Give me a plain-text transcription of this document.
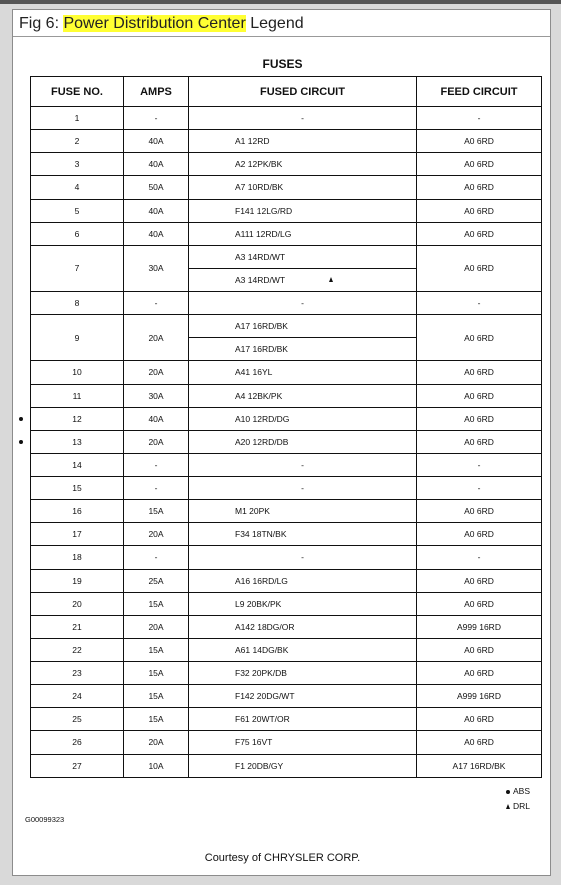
Fig 6: Power Distribution Center Legend
FUSES
FUSE NO.	AMPS	FUSED CIRCUIT	FEED CIRCUIT
1	-	-	-
2	40A	A1 12RD	A0 6RD
3	40A	A2 12PK/BK	A0 6RD
4	50A	A7 10RD/BK	A0 6RD
5	40A	F141 12LG/RD	A0 6RD
6	40A	A111 12RD/LG	A0 6RD
7	30A	A3 14RD/WT	A0 6RD
		A3 14RD/WT	

8	-	-	-
9	20A	A17 16RD/BK	A0 6RD
		A17 16RD/BK	
10	20A	A41 16YL	A0 6RD
11	30A	A4 12BK/PK	A0 6RD
12	40A	A10 12RD/DG	A0 6RD
13	20A	A20 12RD/DB	A0 6RD
14	-	-	-
15	-	-	-
16	15A	M1 20PK	A0 6RD
17	20A	F34 18TN/BK	A0 6RD
18	-	-	-
19	25A	A16 16RD/LG	A0 6RD
20	15A	L9 20BK/PK	A0 6RD
21	20A	A142 18DG/OR	A999 16RD
22	15A	A61 14DG/BK	A0 6RD
23	15A	F32 20PK/DB	A0 6RD
24	15A	F142 20DG/WT	A999 16RD
25	15A	F61 20WT/OR	A0 6RD
26	20A	F75 16VT	A0 6RD
27	10A	F1 20DB/GY	A17 16RD/BK
ABS
DRL
G00099323
Courtesy of CHRYSLER CORP.
